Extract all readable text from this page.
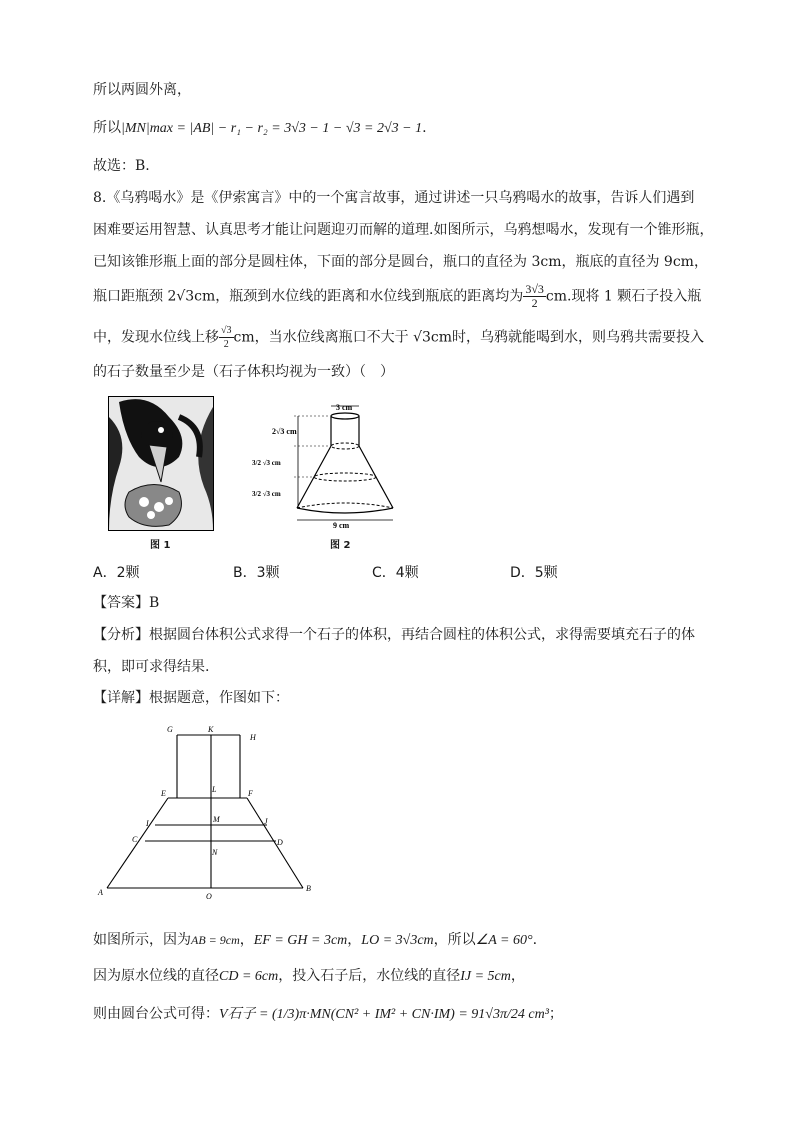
所以两圆外离，
所以|MN|max = |AB| − r₁ − r₂ = 3√3 − 1 − √3 = 2√3 − 1.
故选：B.
8.《乌鸦喝水》是《伊索寓言》中的一个寓言故事，通过讲述一只乌鸦喝水的故事，告诉人们遇到
困难要运用智慧、认真思考才能让问题迎刃而解的道理.如图所示，乌鸦想喝水，发现有一个锥形瓶，
已知该锥形瓶上面的部分是圆柱体，下面的部分是圆台，瓶口的直径为 3cm，瓶底的直径为 9cm，
瓶口距瓶颈 2√3cm，瓶颈到水位线的距离和水位线到瓶底的距离均为 $\frac{3√3}{2}$ cm.现将 1 颗石子投入瓶
中，发现水位线上移 $\frac{√3}{2}$ cm，当水位线离瓶口不大于 √3cm时，乌鸦就能喝到水，则乌鸦共需要投入
的石子数量至少是（石子体积均视为一致）（　）
图 1
3 cm
2√3 cm
3/2 √3 cm
3/2 √3 cm
9 cm
图 2
A．2颗	B．3颗	C．4颗	D．5颗
【答案】B
【分析】根据圆台体积公式求得一个石子的体积，再结合圆柱的体积公式，求得需要填充石子的体
积，即可求得结果.
【详解】根据题意，作图如下：
G	K
H
E	L	F
I	M	J
C	D
N
A	O
B
如图所示，因为AB = 9cm，EF = GH = 3cm，LO = 3√3cm，所以∠A = 60°.
因为原水位线的直径CD = 6cm，投入石子后，水位线的直径IJ = 5cm，
则由圆台公式可得：V石子 = (1/3)π·MN(CN² + IM² + CN·IM) = 91√3π/24 cm³；
